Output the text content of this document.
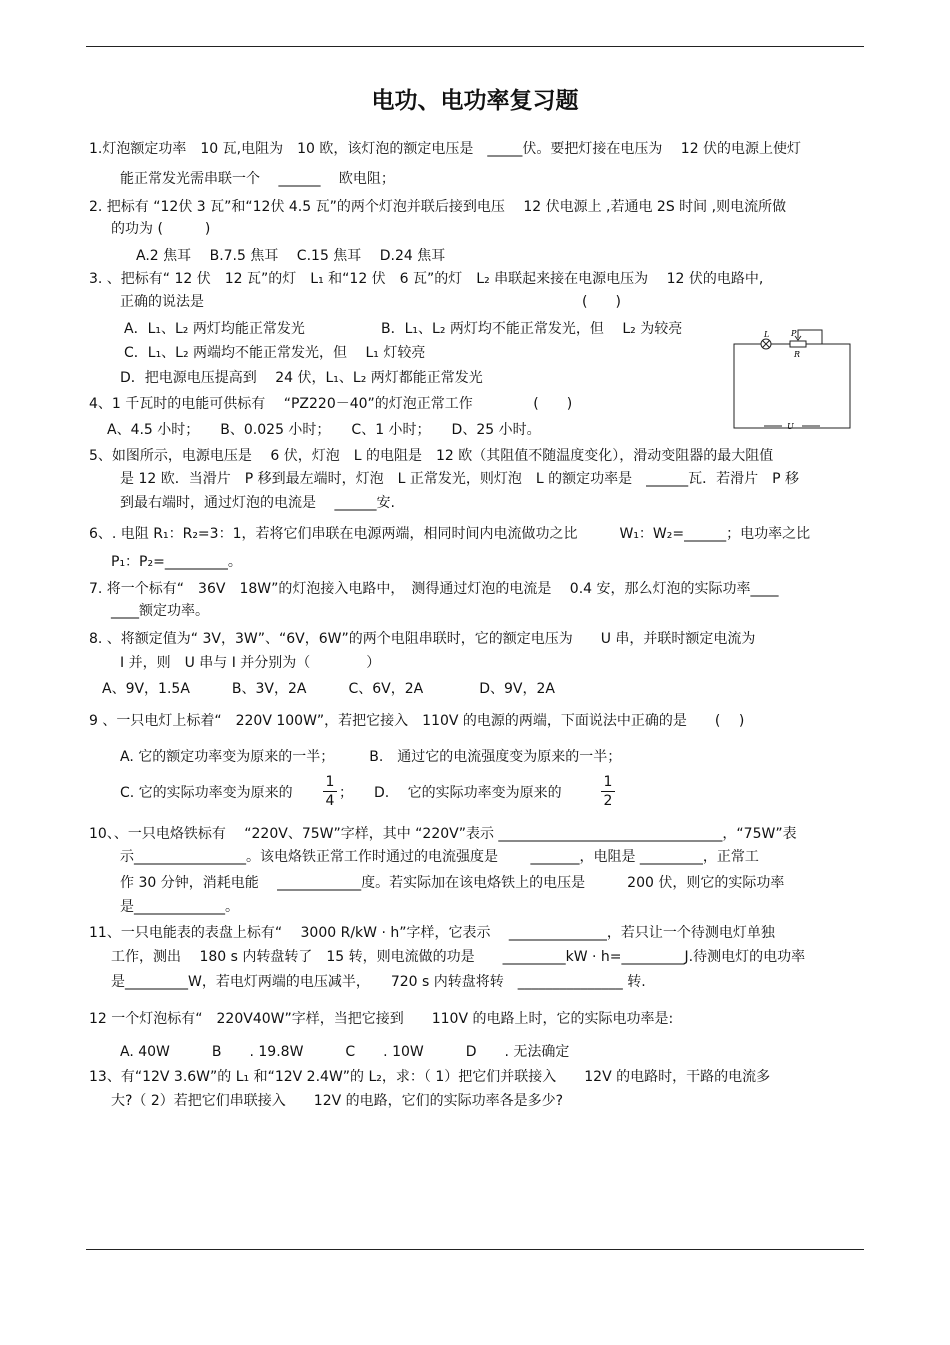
电功、电功率复习题
1.灯泡额定功率　10 瓦,电阻为　10 欧，该灯泡的额定电压是　_____伏。要把灯接在电压为　 12 伏的电源上使灯
能正常发光需串联一个　 ______　 欧电阻；
2. 把标有 “12伏 3 瓦”和“12伏 4.5 瓦”的两个灯泡并联后接到电压　 12 伏电源上 ,若通电 2S 时间 ,则电流所做
的功为 (　　　)
A.2 焦耳　 B.7.5 焦耳　 C.15 焦耳　 D.24 焦耳
3. 、把标有“ 12 伏　12 瓦”的灯　L₁ 和“12 伏　6 瓦”的灯　L₂ 串联起来接在电源电压为　 12 伏的电路中,
正确的说法是	(　　)
A．L₁、L₂ 两灯均能正常发光	B．L₁、L₂ 两灯均不能正常发光，但　 L₂ 为较亮
C．L₁、L₂ 两端均不能正常发光，但　 L₁ 灯较亮
D．把电源电压提高到　 24 伏，L₁、L₂ 两灯都能正常发光
4、1 千瓦时的电能可供标有　 “PZ220－40”的灯泡正常工作　　　　 (　　)
A、4.5 小时；　　B、0.025 小时；　　C、1 小时；　　D、25 小时。
5、如图所示，电源电压是　 6 伏，灯泡　L 的电阻是　12 欧（其阻值不随温度变化），滑动变阻器的最大阻值
是 12 欧．当滑片　P 移到最左端时，灯泡　L 正常发光，则灯泡　L 的额定功率是　______瓦．若滑片　P 移
到最右端时，通过灯泡的电流是　 ______安.
6、. 电阻 R₁：R₂=3：1，若将它们串联在电源两端，相同时间内电流做功之比　　　W₁：W₂=______；电功率之比
P₁：P₂=_________。
7. 将一个标有“　36V　18W”的灯泡接入电路中，　测得通过灯泡的电流是　 0.4 安，那么灯泡的实际功率____
____额定功率。
8. 、将额定值为“ 3V，3W”、“6V，6W”的两个电阻串联时，它的额定电压为　　U 串，并联时额定电流为
I 并，则　U 串与 I 并分别为（　　　　）
A、9V，1.5A　　　B、3V，2A　　　C、6V，2A　　　　D、9V，2A
9 、一只电灯上标着“　220V 100W”，若把它接入　110V 的电源的两端，下面说法中正确的是　　(　 )
A. 它的额定功率变为原来的一半；　　　B.　通过它的电流强度变为原来的一半；
C. 它的实际功率变为原来的
1
4 ；　　D.　 它的实际功率变为原来的
1
2
10、、一只电烙铁标有　 “220V、75W”字样，其中 “220V”表示 ________________________________，“75W”表
示________________。该电烙铁正常工作时通过的电流强度是　　 _______，电阻是 _________，正常工
作 30 分钟，消耗电能　 ____________度。若实际加在该电烙铁上的电压是　　　200 伏，则它的实际功率
是_____________。
11、一只电能表的表盘上标有“　 3000 R/kW · h”字样，它表示　 ______________，若只让一个待测电灯单独
工作，测出　 180 s 内转盘转了　15 转，则电流做的功是　　_________kW · h=_________J.待测电灯的电功率
是_________W，若电灯两端的电压减半，　　720 s 内转盘将转　_______________ 转.
12 一个灯泡标有“　220V40W”字样，当把它接到　　110V 的电路上时，它的实际电功率是:
A. 40W　　　B　　. 19.8W　　　C　　. 10W　　　D　　. 无法确定
13、有“12V 3.6W”的 L₁ 和“12V 2.4W”的 L₂，求：（ 1）把它们并联接入　　12V 的电路时，干路的电流多
大?（ 2）若把它们串联接入　　12V 的电路，它们的实际功率各是多少?
L	P
R
U
